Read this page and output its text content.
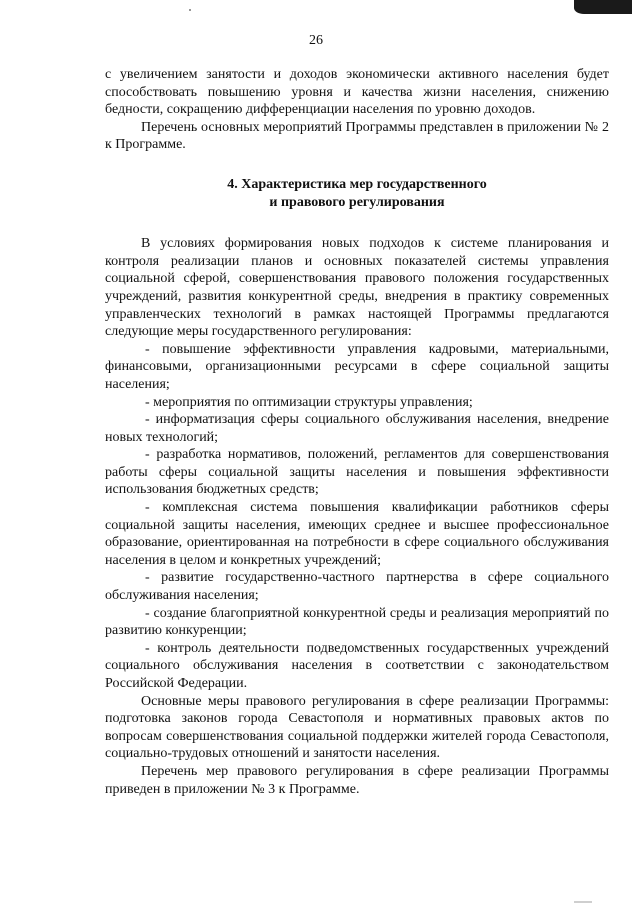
26

с увеличением занятости и доходов экономически активного населения будет способствовать повышению уровня и качества жизни населения, снижению бедности, сокращению дифференциации населения по уровню доходов.

Перечень основных мероприятий Программы представлен в приложении № 2 к Программе.

4. Характеристика мер государственного
и правового регулирования

В условиях формирования новых подходов к системе планирования и контроля реализации планов и основных показателей системы управления социальной сферой, совершенствования правового положения государственных учреждений, развития конкурентной среды, внедрения в практику современных управленческих технологий в рамках настоящей Программы предлагаются следующие меры государственного регулирования:

- повышение эффективности управления кадровыми, материальными, финансовыми, организационными ресурсами в сфере социальной защиты населения;

- мероприятия по оптимизации структуры управления;

- информатизация сферы социального обслуживания населения, внедрение новых технологий;

- разработка нормативов, положений, регламентов для совершенствования работы сферы социальной защиты населения и повышения эффективности использования бюджетных средств;

- комплексная система повышения квалификации работников сферы социальной защиты населения, имеющих среднее и высшее профессиональное образование, ориентированная на потребности в сфере социального обслуживания населения в целом и конкретных учреждений;

- развитие государственно-частного партнерства в сфере социального обслуживания населения;

- создание благоприятной конкурентной среды и реализация мероприятий по развитию конкуренции;

- контроль деятельности подведомственных государственных учреждений социального обслуживания населения в соответствии с законодательством Российской Федерации.

Основные меры правового регулирования в сфере реализации Программы: подготовка законов города Севастополя и нормативных правовых актов по вопросам совершенствования социальной поддержки жителей города Севастополя, социально-трудовых отношений и занятости населения.

Перечень мер правового регулирования в сфере реализации Программы приведен в приложении № 3 к Программе.
